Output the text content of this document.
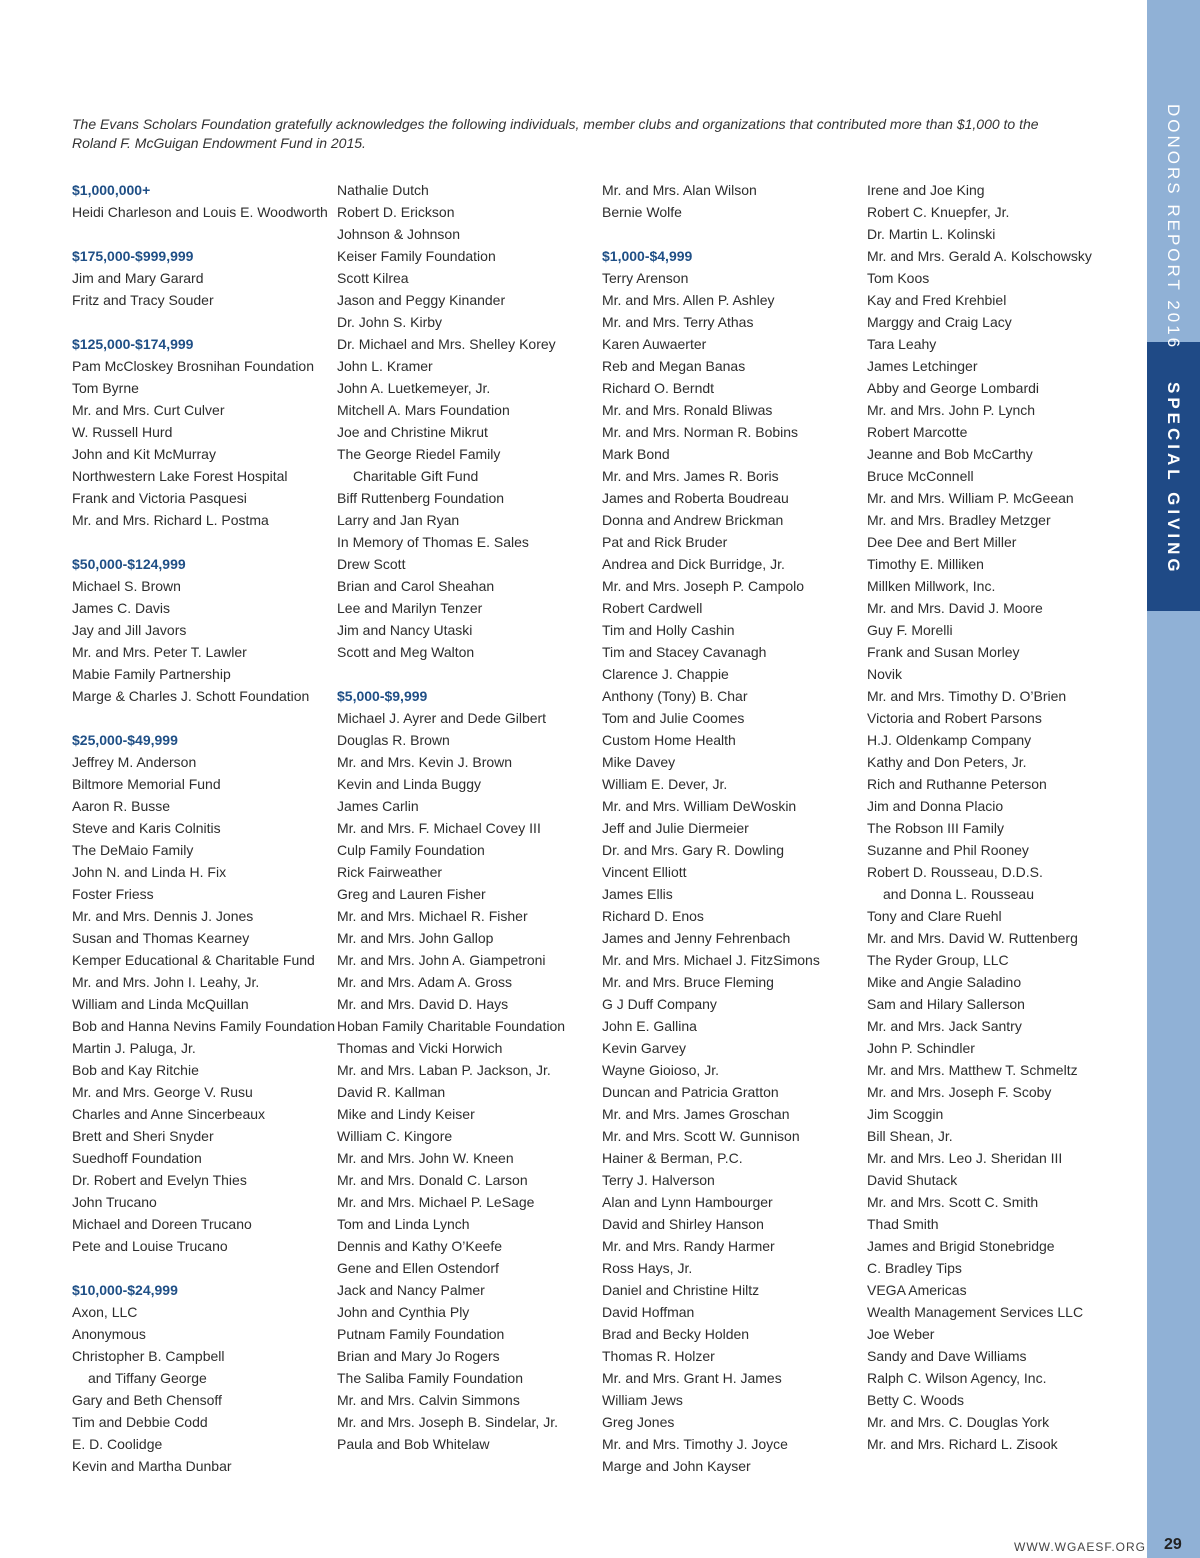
The Evans Scholars Foundation gratefully acknowledges the following individuals, member clubs and organizations that contributed more than $1,000 to the Roland F. McGuigan Endowment Fund in 2015.
$1,000,000+
Heidi Charleson and Louis E. Woodworth
$175,000-$999,999
Jim and Mary Garard
Fritz and Tracy Souder
$125,000-$174,999
Pam McCloskey Brosnihan Foundation
Tom Byrne
Mr. and Mrs. Curt Culver
W. Russell Hurd
John and Kit McMurray
Northwestern Lake Forest Hospital
Frank and Victoria Pasquesi
Mr. and Mrs. Richard L. Postma
$50,000-$124,999
Michael S. Brown
James C. Davis
Jay and Jill Javors
Mr. and Mrs. Peter T. Lawler
Mabie Family Partnership
Marge & Charles J. Schott Foundation
$25,000-$49,999
Jeffrey M. Anderson
Biltmore Memorial Fund
Aaron R. Busse
Steve and Karis Colnitis
The DeMaio Family
John N. and Linda H. Fix
Foster Friess
Mr. and Mrs. Dennis J. Jones
Susan and Thomas Kearney
Kemper Educational & Charitable Fund
Mr. and Mrs. John I. Leahy, Jr.
William and Linda McQuillan
Bob and Hanna Nevins Family Foundation
Martin J. Paluga, Jr.
Bob and Kay Ritchie
Mr. and Mrs. George V. Rusu
Charles and Anne Sincerbeaux
Brett and Sheri Snyder
Suedhoff Foundation
Dr. Robert and Evelyn Thies
John Trucano
Michael and Doreen Trucano
Pete and Louise Trucano
$10,000-$24,999
Axon, LLC
Anonymous
Christopher B. Campbell
and Tiffany George
Gary and Beth Chensoff
Tim and Debbie Codd
E. D. Coolidge
Kevin and Martha Dunbar
Nathalie Dutch
Robert D. Erickson
Johnson & Johnson
Keiser Family Foundation
Scott Kilrea
Jason and Peggy Kinander
Dr. John S. Kirby
Dr. Michael and Mrs. Shelley Korey
John L. Kramer
John A. Luetkemeyer, Jr.
Mitchell A. Mars Foundation
Joe and Christine Mikrut
The George Riedel Family
Charitable Gift Fund
Biff Ruttenberg Foundation
Larry and Jan Ryan
In Memory of Thomas E. Sales
Drew Scott
Brian and Carol Sheahan
Lee and Marilyn Tenzer
Jim and Nancy Utaski
Scott and Meg Walton
$5,000-$9,999
Michael J. Ayrer and Dede Gilbert
Douglas R. Brown
Mr. and Mrs. Kevin J. Brown
Kevin and Linda Buggy
James Carlin
Mr. and Mrs. F. Michael Covey III
Culp Family Foundation
Rick Fairweather
Greg and Lauren Fisher
Mr. and Mrs. Michael R. Fisher
Mr. and Mrs. John Gallop
Mr. and Mrs. John A. Giampetroni
Mr. and Mrs. Adam A. Gross
Mr. and Mrs. David D. Hays
Hoban Family Charitable Foundation
Thomas and Vicki Horwich
Mr. and Mrs. Laban P. Jackson, Jr.
David R. Kallman
Mike and Lindy Keiser
William C. Kingore
Mr. and Mrs. John W. Kneen
Mr. and Mrs. Donald C. Larson
Mr. and Mrs. Michael P. LeSage
Tom and Linda Lynch
Dennis and Kathy O’Keefe
Gene and Ellen Ostendorf
Jack and Nancy Palmer
John and Cynthia Ply
Putnam Family Foundation
Brian and Mary Jo Rogers
The Saliba Family Foundation
Mr. and Mrs. Calvin Simmons
Mr. and Mrs. Joseph B. Sindelar, Jr.
Paula and Bob Whitelaw
Mr. and Mrs. Alan Wilson
Bernie Wolfe
$1,000-$4,999
Terry Arenson
Mr. and Mrs. Allen P. Ashley
Mr. and Mrs. Terry Athas
Karen Auwaerter
Reb and Megan Banas
Richard O. Berndt
Mr. and Mrs. Ronald Bliwas
Mr. and Mrs. Norman R. Bobins
Mark Bond
Mr. and Mrs. James R. Boris
James and Roberta Boudreau
Donna and Andrew Brickman
Pat and Rick Bruder
Andrea and Dick Burridge, Jr.
Mr. and Mrs. Joseph P. Campolo
Robert Cardwell
Tim and Holly Cashin
Tim and Stacey Cavanagh
Clarence J. Chappie
Anthony (Tony) B. Char
Tom and Julie Coomes
Custom Home Health
Mike Davey
William E. Dever, Jr.
Mr. and Mrs. William DeWoskin
Jeff and Julie Diermeier
Dr. and Mrs. Gary R. Dowling
Vincent Elliott
James Ellis
Richard D. Enos
James and Jenny Fehrenbach
Mr. and Mrs. Michael J. FitzSimons
Mr. and Mrs. Bruce Fleming
G J Duff Company
John E. Gallina
Kevin Garvey
Wayne Gioioso, Jr.
Duncan and Patricia Gratton
Mr. and Mrs. James Groschan
Mr. and Mrs. Scott W. Gunnison
Hainer & Berman, P.C.
Terry J. Halverson
Alan and Lynn Hambourger
David and Shirley Hanson
Mr. and Mrs. Randy Harmer
Ross Hays, Jr.
Daniel and Christine Hiltz
David Hoffman
Brad and Becky Holden
Thomas R. Holzer
Mr. and Mrs. Grant H. James
William Jews
Greg Jones
Mr. and Mrs. Timothy J. Joyce
Marge and John Kayser
Irene and Joe King
Robert C. Knuepfer, Jr.
Dr. Martin L. Kolinski
Mr. and Mrs. Gerald A. Kolschowsky
Tom Koos
Kay and Fred Krehbiel
Marggy and Craig Lacy
Tara Leahy
James Letchinger
Abby and George Lombardi
Mr. and Mrs. John P. Lynch
Robert Marcotte
Jeanne and Bob McCarthy
Bruce McConnell
Mr. and Mrs. William P. McGeean
Mr. and Mrs. Bradley Metzger
Dee Dee and Bert Miller
Timothy E. Milliken
Millken Millwork, Inc.
Mr. and Mrs. David J. Moore
Guy F. Morelli
Frank and Susan Morley
Novik
Mr. and Mrs. Timothy D. O’Brien
Victoria and Robert Parsons
H.J. Oldenkamp Company
Kathy and Don Peters, Jr.
Rich and Ruthanne Peterson
Jim and Donna Placio
The Robson III Family
Suzanne and Phil Rooney
Robert D. Rousseau, D.D.S.
and Donna L. Rousseau
Tony and Clare Ruehl
Mr. and Mrs. David W. Ruttenberg
The Ryder Group, LLC
Mike and Angie Saladino
Sam and Hilary Sallerson
Mr. and Mrs. Jack Santry
John P. Schindler
Mr. and Mrs. Matthew T. Schmeltz
Mr. and Mrs. Joseph F. Scoby
Jim Scoggin
Bill Shean, Jr.
Mr. and Mrs. Leo J. Sheridan III
David Shutack
Mr. and Mrs. Scott C. Smith
Thad Smith
James and Brigid Stonebridge
C. Bradley Tips
VEGA Americas
Wealth Management Services LLC
Joe Weber
Sandy and Dave Williams
Ralph C. Wilson Agency, Inc.
Betty C. Woods
Mr. and Mrs. C. Douglas York
Mr. and Mrs. Richard L. Zisook
DONORS REPORT 2016
SPECIAL GIVING
WWW.WGAESF.ORG 29
